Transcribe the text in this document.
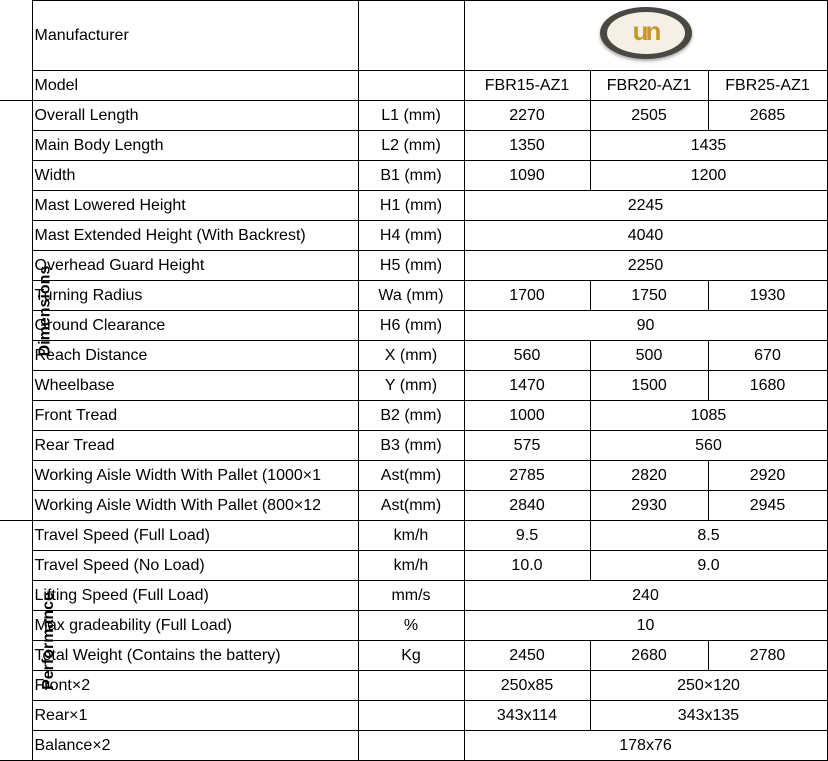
	Manufacturer		un		

	Model		FBR15-AZ1	FBR20-AZ1	FBR25-AZ1
Dimensions	Overall Length	L1 (mm)	2270	2505	2685
	Main Body Length	L2 (mm)	1350	1435	
	Width	B1 (mm)	1090	1200	
	Mast Lowered Height	H1 (mm)	2245		
	Mast Extended Height (With Backrest)	H4 (mm)	4040		
	Overhead Guard Height	H5 (mm)	2250		
	Turning Radius	Wa (mm)	1700	1750	1930
	Ground Clearance	H6 (mm)	90		
	Reach Distance	X (mm)	560	500	670
	Wheelbase	Y (mm)	1470	1500	1680
	Front Tread	B2 (mm)	1000	1085	
	Rear Tread	B3 (mm)	575	560	
	Working Aisle Width With Pallet (1000×1	Ast(mm)	2785	2820	2920
	Working Aisle Width With Pallet (800×12	Ast(mm)	2840	2930	2945
Performance	Travel Speed (Full Load)	km/h	9.5	8.5	
	Travel Speed (No Load)	km/h	10.0	9.0	
	Lifting Speed (Full Load)	mm/s	240		
	Max gradeability (Full Load)	%	10		
	Total Weight (Contains the battery)	Kg	2450	2680	2780
	Front×2		250x85	250×120	
	Rear×1		343x114	343x135	
	Balance×2		178x76		
